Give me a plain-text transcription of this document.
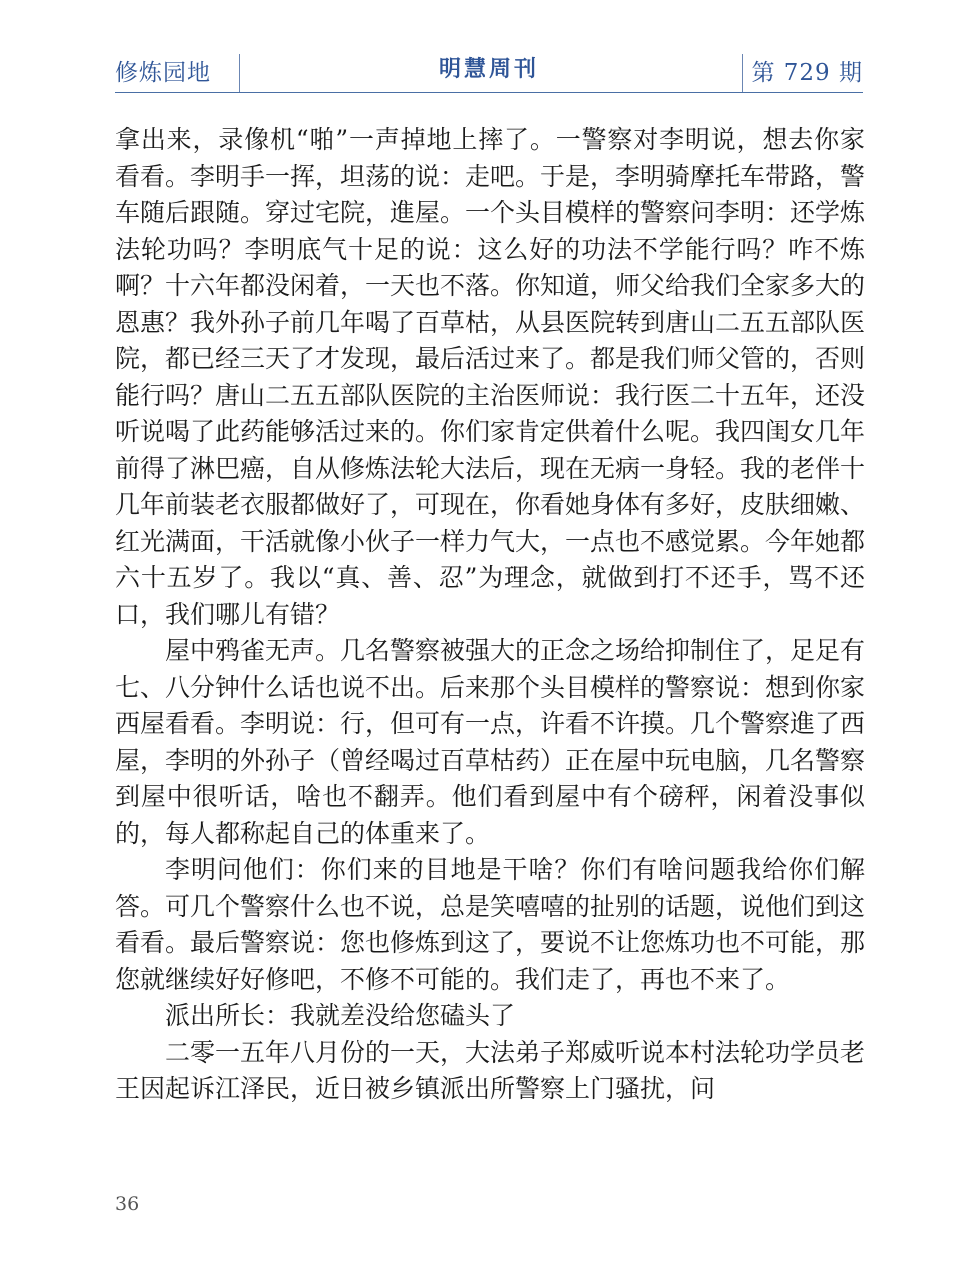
修炼园地	明慧周刊	第 729 期

拿出来，录像机“啪”一声掉地上摔了。一警察对李明说，想去你家看看。李明手一挥，坦荡的说：走吧。于是，李明骑摩托车带路，警车随后跟随。穿过宅院，進屋。一个头目模样的警察问李明：还学炼法轮功吗？李明底气十足的说：这么好的功法不学能行吗？咋不炼啊？十六年都没闲着，一天也不落。你知道，师父给我们全家多大的恩惠？我外孙子前几年喝了百草枯，从县医院转到唐山二五五部队医院，都已经三天了才发现，最后活过来了。都是我们师父管的，否则能行吗？唐山二五五部队医院的主治医师说：我行医二十五年，还没听说喝了此药能够活过来的。你们家肯定供着什么呢。我四闺女几年前得了淋巴癌，自从修炼法轮大法后，现在无病一身轻。我的老伴十几年前装老衣服都做好了，可现在，你看她身体有多好，皮肤细嫩、红光满面，干活就像小伙子一样力气大，一点也不感觉累。今年她都六十五岁了。我以“真、善、忍”为理念，就做到打不还手，骂不还口，我们哪儿有错？

屋中鸦雀无声。几名警察被强大的正念之场给抑制住了，足足有七、八分钟什么话也说不出。后来那个头目模样的警察说：想到你家西屋看看。李明说：行，但可有一点，许看不许摸。几个警察進了西屋，李明的外孙子（曾经喝过百草枯药）正在屋中玩电脑，几名警察到屋中很听话，啥也不翻弄。他们看到屋中有个磅秤，闲着没事似的，每人都称起自己的体重来了。

李明问他们：你们来的目地是干啥？你们有啥问题我给你们解答。可几个警察什么也不说，总是笑嘻嘻的扯别的话题，说他们到这看看。最后警察说：您也修炼到这了，要说不让您炼功也不可能，那您就继续好好修吧，不修不可能的。我们走了，再也不来了。

派出所长：我就差没给您磕头了

二零一五年八月份的一天，大法弟子郑威听说本村法轮功学员老王因起诉江泽民，近日被乡镇派出所警察上门骚扰，问

36
